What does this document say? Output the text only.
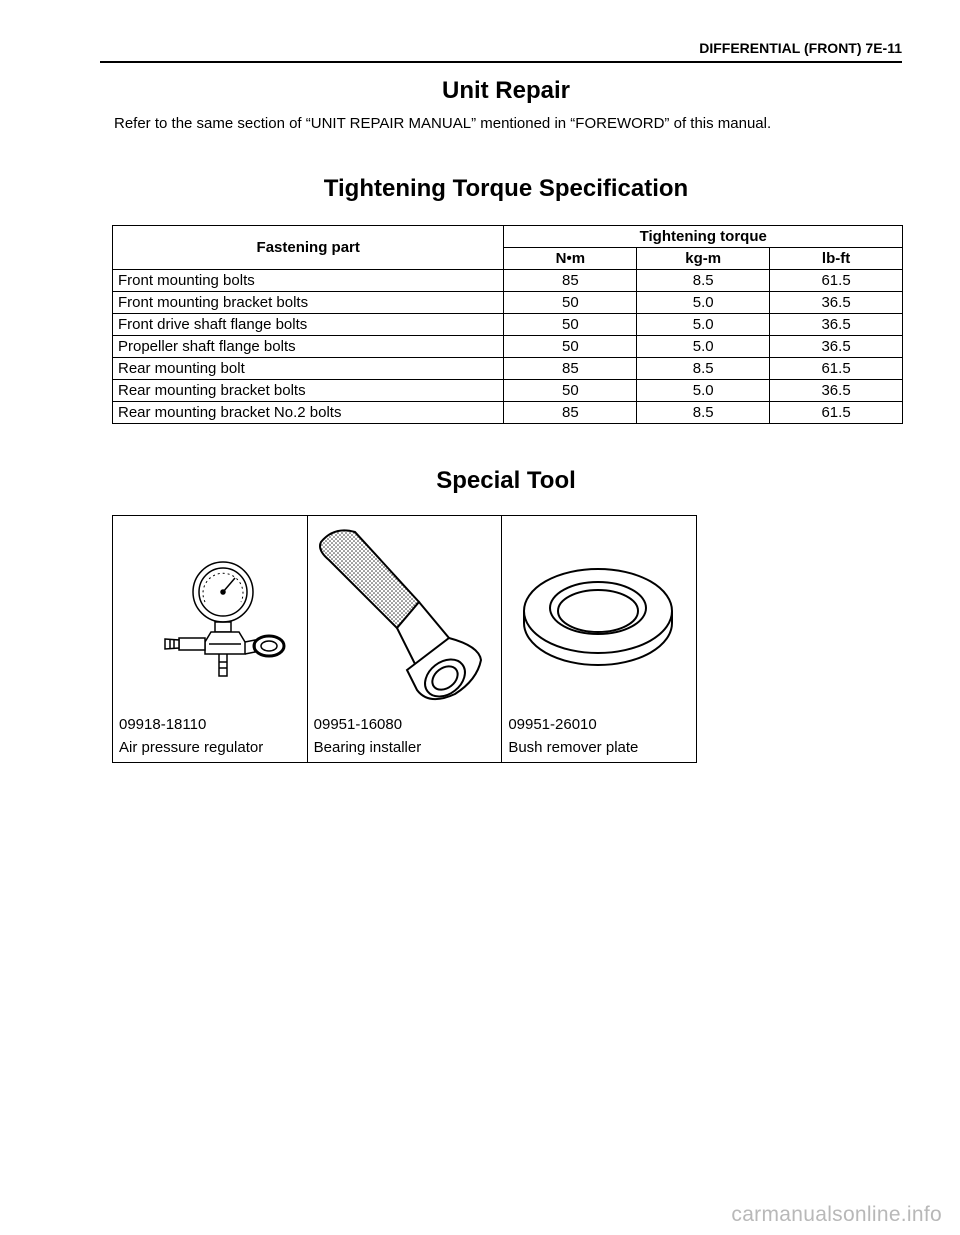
DIFFERENTIAL (FRONT) 7E-11
Unit Repair

Refer to the same section of “UNIT REPAIR MANUAL” mentioned in “FOREWORD” of this manual.

Tightening Torque Specification
Fastening part	Tightening torque		
	N•m	kg-m	lb-ft
Front mounting bolts	85	8.5	61.5
Front mounting bracket bolts	50	5.0	36.5
Front drive shaft flange bolts	50	5.0	36.5
Propeller shaft flange bolts	50	5.0	36.5
Rear mounting bolt	85	8.5	61.5
Rear mounting bracket bolts	50	5.0	36.5
Rear mounting bracket No.2 bolts	85	8.5	61.5
Special Tool
09918-18110
Air pressure regulator

09951-16080
Bearing installer

09951-26010
Bush remover plate
carmanualsonline.info
